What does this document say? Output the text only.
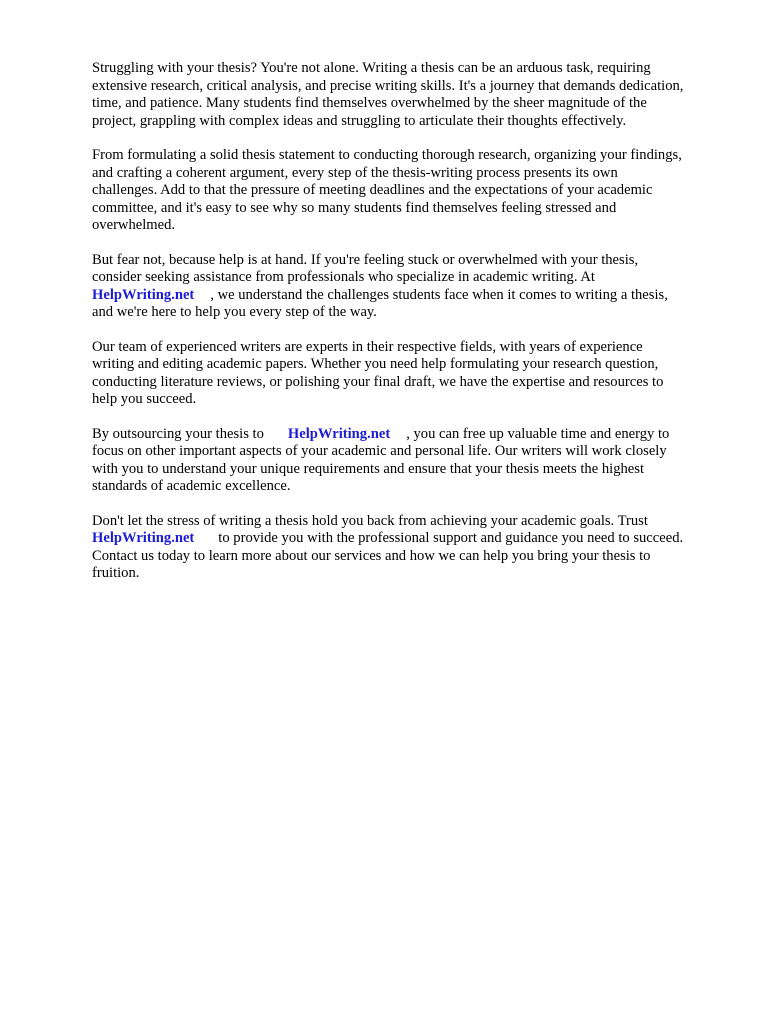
Struggling with your thesis? You're not alone. Writing a thesis can be an arduous task, requiring
extensive research, critical analysis, and precise writing skills. It's a journey that demands dedication,
time, and patience. Many students find themselves overwhelmed by the sheer magnitude of the
project, grappling with complex ideas and struggling to articulate their thoughts effectively.

From formulating a solid thesis statement to conducting thorough research, organizing your findings,
and crafting a coherent argument, every step of the thesis-writing process presents its own
challenges. Add to that the pressure of meeting deadlines and the expectations of your academic
committee, and it's easy to see why so many students find themselves feeling stressed and
overwhelmed.

But fear not, because help is at hand. If you're feeling stuck or overwhelmed with your thesis,
consider seeking assistance from professionals who specialize in academic writing. At
HelpWriting.net , we understand the challenges students face when it comes to writing a thesis,
and we're here to help you every step of the way.

Our team of experienced writers are experts in their respective fields, with years of experience
writing and editing academic papers. Whether you need help formulating your research question,
conducting literature reviews, or polishing your final draft, we have the expertise and resources to
help you succeed.

By outsourcing your thesis to HelpWriting.net , you can free up valuable time and energy to
focus on other important aspects of your academic and personal life. Our writers will work closely
with you to understand your unique requirements and ensure that your thesis meets the highest
standards of academic excellence.

Don't let the stress of writing a thesis hold you back from achieving your academic goals. Trust
HelpWriting.net to provide you with the professional support and guidance you need to succeed.
Contact us today to learn more about our services and how we can help you bring your thesis to
fruition.
